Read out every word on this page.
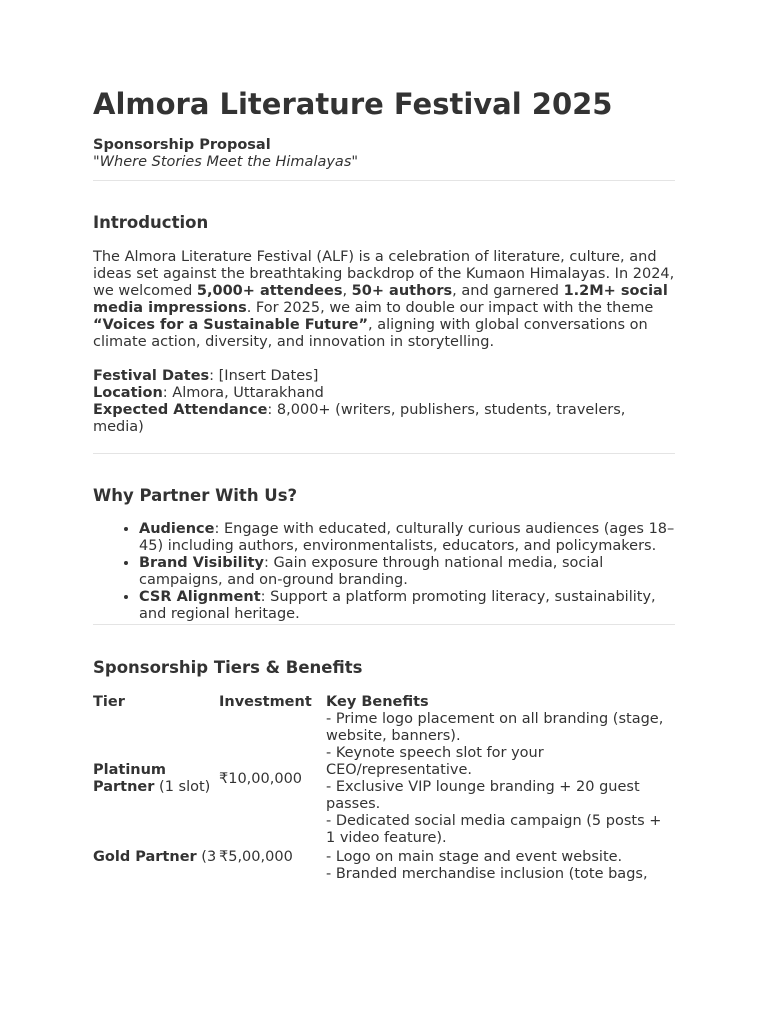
Almora Literature Festival 2025
Sponsorship Proposal
"Where Stories Meet the Himalayas"
Introduction

The Almora Literature Festival (ALF) is a celebration of literature, culture, and ideas set against the breathtaking backdrop of the Kumaon Himalayas. In 2024, we welcomed 5,000+ attendees, 50+ authors, and garnered 1.2M+ social media impressions. For 2025, we aim to double our impact with the theme “Voices for a Sustainable Future”, aligning with global conversations on climate action, diversity, and innovation in storytelling.

Festival Dates: [Insert Dates]
Location: Almora, Uttarakhand
Expected Attendance: 8,000+ (writers, publishers, students, travelers, media)

Why Partner With Us?
• Audience: Engage with educated, culturally curious audiences (ages 18–45) including authors, environmentalists, educators, and policymakers.
• Brand Visibility: Gain exposure through national media, social campaigns, and on-ground branding.
• CSR Alignment: Support a platform promoting literacy, sustainability, and regional heritage.
Sponsorship Tiers & Benefits
Tier	Investment	Key Benefits
Platinum Partner (1 slot)	₹10,00,000	- Prime logo placement on all branding (stage, website, banners).
- Keynote speech slot for your CEO/representative.
- Exclusive VIP lounge branding + 20 guest passes.
- Dedicated social media campaign (5 posts + 1 video feature).

Gold Partner (3	₹5,00,000	- Logo on main stage and event website.
- Branded merchandise inclusion (tote bags,
